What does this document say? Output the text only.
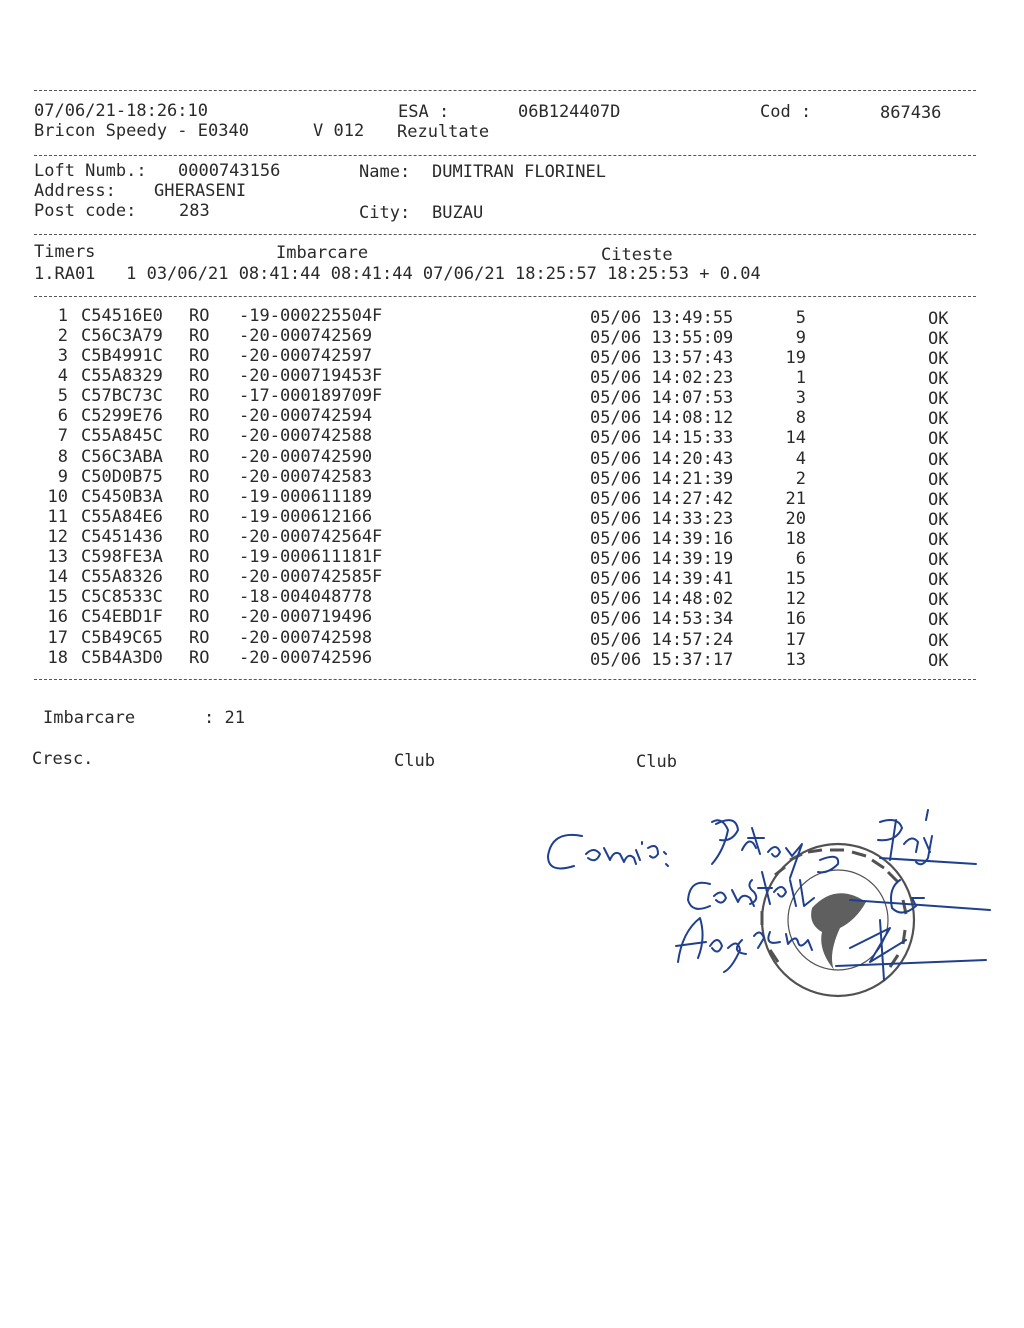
07/06/21-18:26:10	ESA :	06B124407D	Cod :	867436
Bricon Speedy - E0340	V 012 Rezultate
Loft Numb.: 0000743156	Name: DUMITRAN FLORINEL
Address: GHERASENI
Post code:	283	City: BUZAU
Timers	Imbarcare	Citeste
1.RA01   1 03/06/21 08:41:44 08:41:44 07/06/21 18:25:57 18:25:53 + 0.04
1 C54516E0 RO -19-000225504F	05/06 13:49:55	5	OK
2 C56C3A79 RO -20-000742569	05/06 13:55:09	9	OK
3 C5B4991C RO -20-000742597	05/06 13:57:43	19	OK
4 C55A8329 RO -20-000719453F	05/06 14:02:23	1	OK
5 C57BC73C RO -17-000189709F	05/06 14:07:53	3	OK
6 C5299E76 RO -20-000742594	05/06 14:08:12	8	OK
7 C55A845C RO -20-000742588	05/06 14:15:33	14	OK
8 C56C3ABA RO -20-000742590	05/06 14:20:43	4	OK
9 C50D0B75 RO -20-000742583	05/06 14:21:39	2	OK
10 C5450B3A RO -19-000611189	05/06 14:27:42	21	OK
11 C55A84E6 RO -19-000612166	05/06 14:33:23	20	OK
12 C5451436 RO -20-000742564F	05/06 14:39:16	18	OK
13 C598FE3A RO -19-000611181F	05/06 14:39:19	6	OK
14 C55A8326 RO -20-000742585F	05/06 14:39:41	15	OK
15 C5C8533C RO -18-004048778	05/06 14:48:02	12	OK
16 C54EBD1F RO -20-000719496	05/06 14:53:34	16	OK
17 C5B49C65 RO -20-000742598	05/06 14:57:24	17	OK
18 C5B4A3D0 RO -20-000742596	05/06 15:37:17	13	OK
Imbarcare	: 21
Cresc.	Club	Club
